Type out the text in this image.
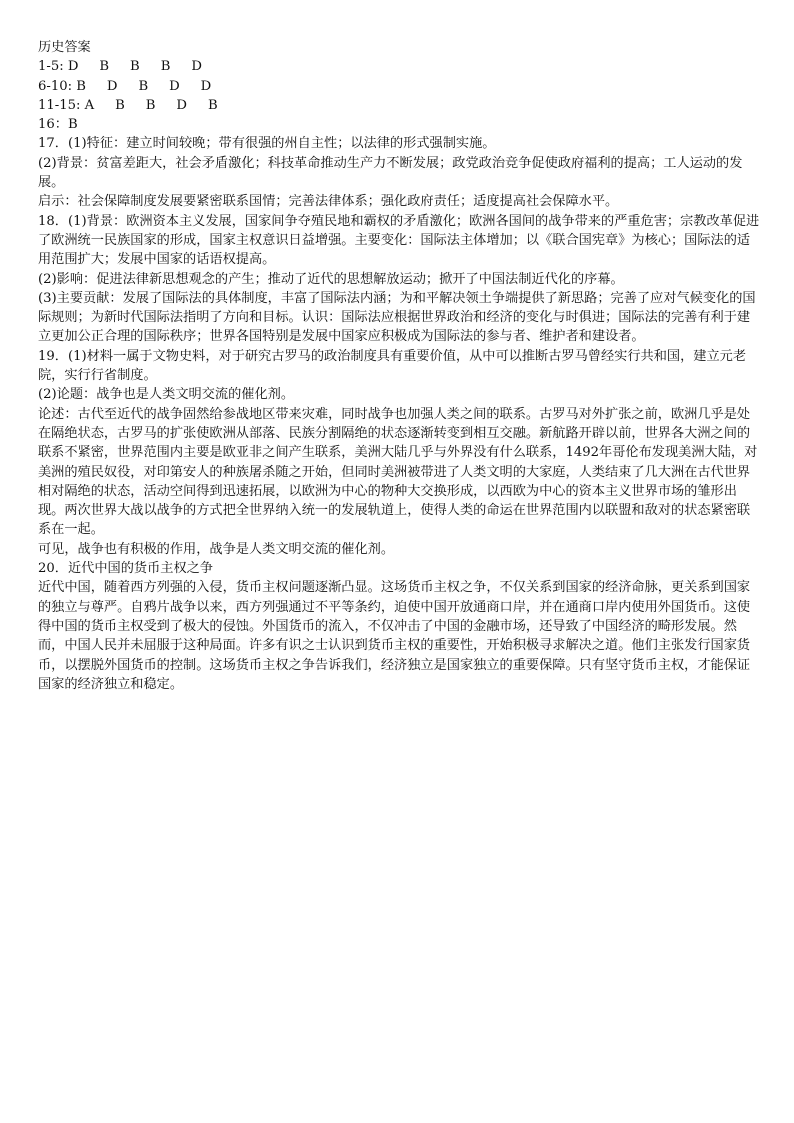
历史答案

1-5: D     B     B     B     D

6-10: B     D     B     D     D

11-15: A     B     B     D     B

16：B

17．(1)特征：建立时间较晚；带有很强的州自主性；以法律的形式强制实施。

(2)背景：贫富差距大，社会矛盾激化；科技革命推动生产力不断发展；政党政治竞争促使政府福利的提高；工人运动的发展。

启示：社会保障制度发展要紧密联系国情；完善法律体系；强化政府责任；适度提高社会保障水平。

18．(1)背景：欧洲资本主义发展，国家间争夺殖民地和霸权的矛盾激化；欧洲各国间的战争带来的严重危害；宗教改革促进了欧洲统一民族国家的形成，国家主权意识日益增强。主要变化：国际法主体增加；以《联合国宪章》为核心；国际法的适用范围扩大；发展中国家的话语权提高。

(2)影响：促进法律新思想观念的产生；推动了近代的思想解放运动；掀开了中国法制近代化的序幕。

(3)主要贡献：发展了国际法的具体制度，丰富了国际法内涵；为和平解决领土争端提供了新思路；完善了应对气候变化的国际规则；为新时代国际法指明了方向和目标。认识：国际法应根据世界政治和经济的变化与时俱进；国际法的完善有利于建立更加公正合理的国际秩序；世界各国特别是发展中国家应积极成为国际法的参与者、维护者和建设者。

19．(1)材料一属于文物史料，对于研究古罗马的政治制度具有重要价值，从中可以推断古罗马曾经实行共和国，建立元老院，实行行省制度。

(2)论题：战争也是人类文明交流的催化剂。

论述：古代至近代的战争固然给参战地区带来灾难，同时战争也加强人类之间的联系。古罗马对外扩张之前，欧洲几乎是处在隔绝状态，古罗马的扩张使欧洲从部落、民族分割隔绝的状态逐渐转变到相互交融。新航路开辟以前，世界各大洲之间的联系不紧密，世界范围内主要是欧亚非之间产生联系，美洲大陆几乎与外界没有什么联系，1492年哥伦布发现美洲大陆，对美洲的殖民奴役，对印第安人的种族屠杀随之开始，但同时美洲被带进了人类文明的大家庭，人类结束了几大洲在古代世界相对隔绝的状态，活动空间得到迅速拓展，以欧洲为中心的物种大交换形成，以西欧为中心的资本主义世界市场的雏形出现。两次世界大战以战争的方式把全世界纳入统一的发展轨道上，使得人类的命运在世界范围内以联盟和敌对的状态紧密联系在一起。

可见，战争也有积极的作用，战争是人类文明交流的催化剂。

20．近代中国的货币主权之争

近代中国，随着西方列强的入侵，货币主权问题逐渐凸显。这场货币主权之争，不仅关系到国家的经济命脉，更关系到国家的独立与尊严。自鸦片战争以来，西方列强通过不平等条约，迫使中国开放通商口岸，并在通商口岸内使用外国货币。这使得中国的货币主权受到了极大的侵蚀。外国货币的流入，不仅冲击了中国的金融市场，还导致了中国经济的畸形发展。然而，中国人民并未屈服于这种局面。许多有识之士认识到货币主权的重要性，开始积极寻求解决之道。他们主张发行国家货币，以摆脱外国货币的控制。这场货币主权之争告诉我们，经济独立是国家独立的重要保障。只有坚守货币主权，才能保证国家的经济独立和稳定。
